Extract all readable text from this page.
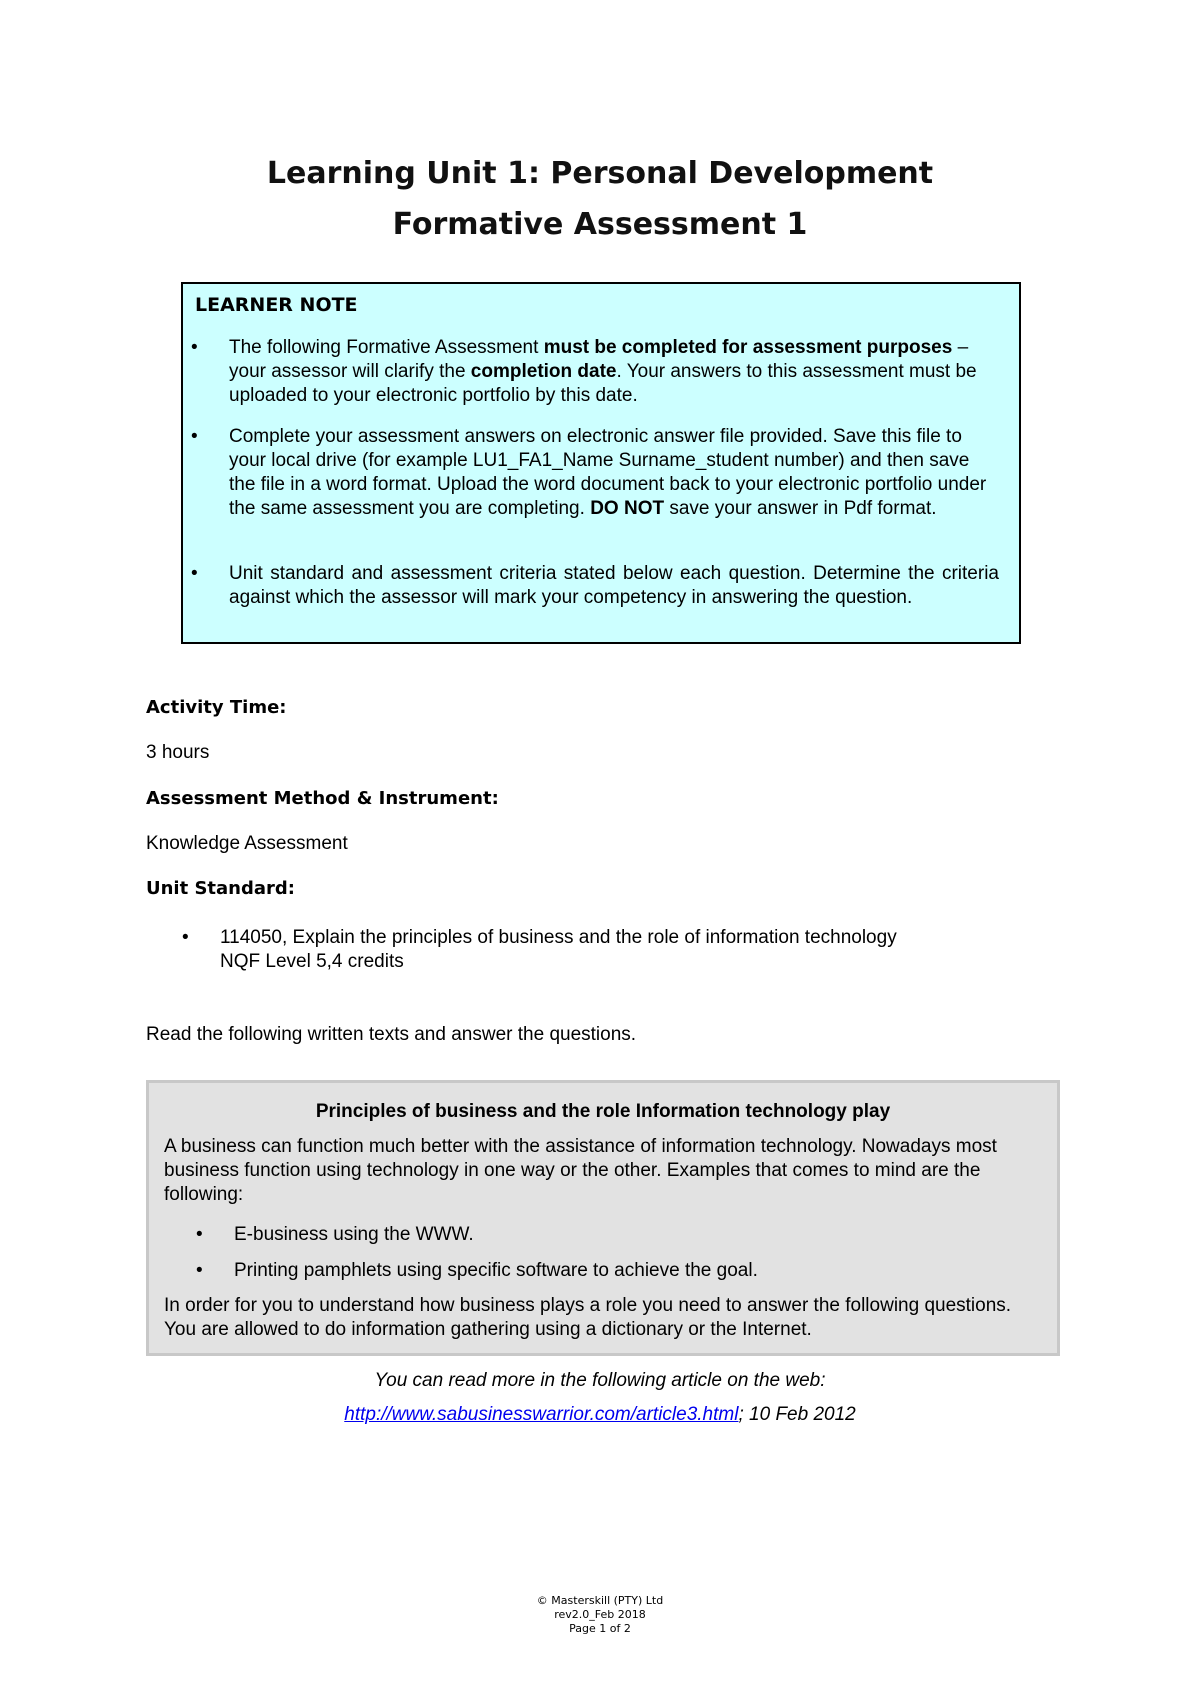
Learning Unit 1: Personal Development
Formative Assessment 1
LEARNER NOTE
• The following Formative Assessment must be completed for assessment purposes – your assessor will clarify the completion date. Your answers to this assessment must be uploaded to your electronic portfolio by this date.
• Complete your assessment answers on electronic answer file provided. Save this file to your local drive (for example LU1_FA1_Name Surname_student number) and then save the file in a word format. Upload the word document back to your electronic portfolio under the same assessment you are completing. DO NOT save your answer in Pdf format.
• Unit standard and assessment criteria stated below each question. Determine the criteria against which the assessor will mark your competency in answering the question.
Activity Time:
3 hours
Assessment Method & Instrument:
Knowledge Assessment
Unit Standard:
• 114050, Explain the principles of business and the role of information technology
NQF Level 5,4 credits
Read the following written texts and answer the questions.
Principles of business and the role Information technology play
A business can function much better with the assistance of information technology. Nowadays most business function using technology in one way or the other. Examples that comes to mind are the following:
• E-business using the WWW.
• Printing pamphlets using specific software to achieve the goal.
In order for you to understand how business plays a role you need to answer the following questions. You are allowed to do information gathering using a dictionary or the Internet.
You can read more in the following article on the web:
http://www.sabusinesswarrior.com/article3.html; 10 Feb 2012
© Masterskill (PTY) Ltd
rev2.0_Feb 2018
Page 1 of 2
